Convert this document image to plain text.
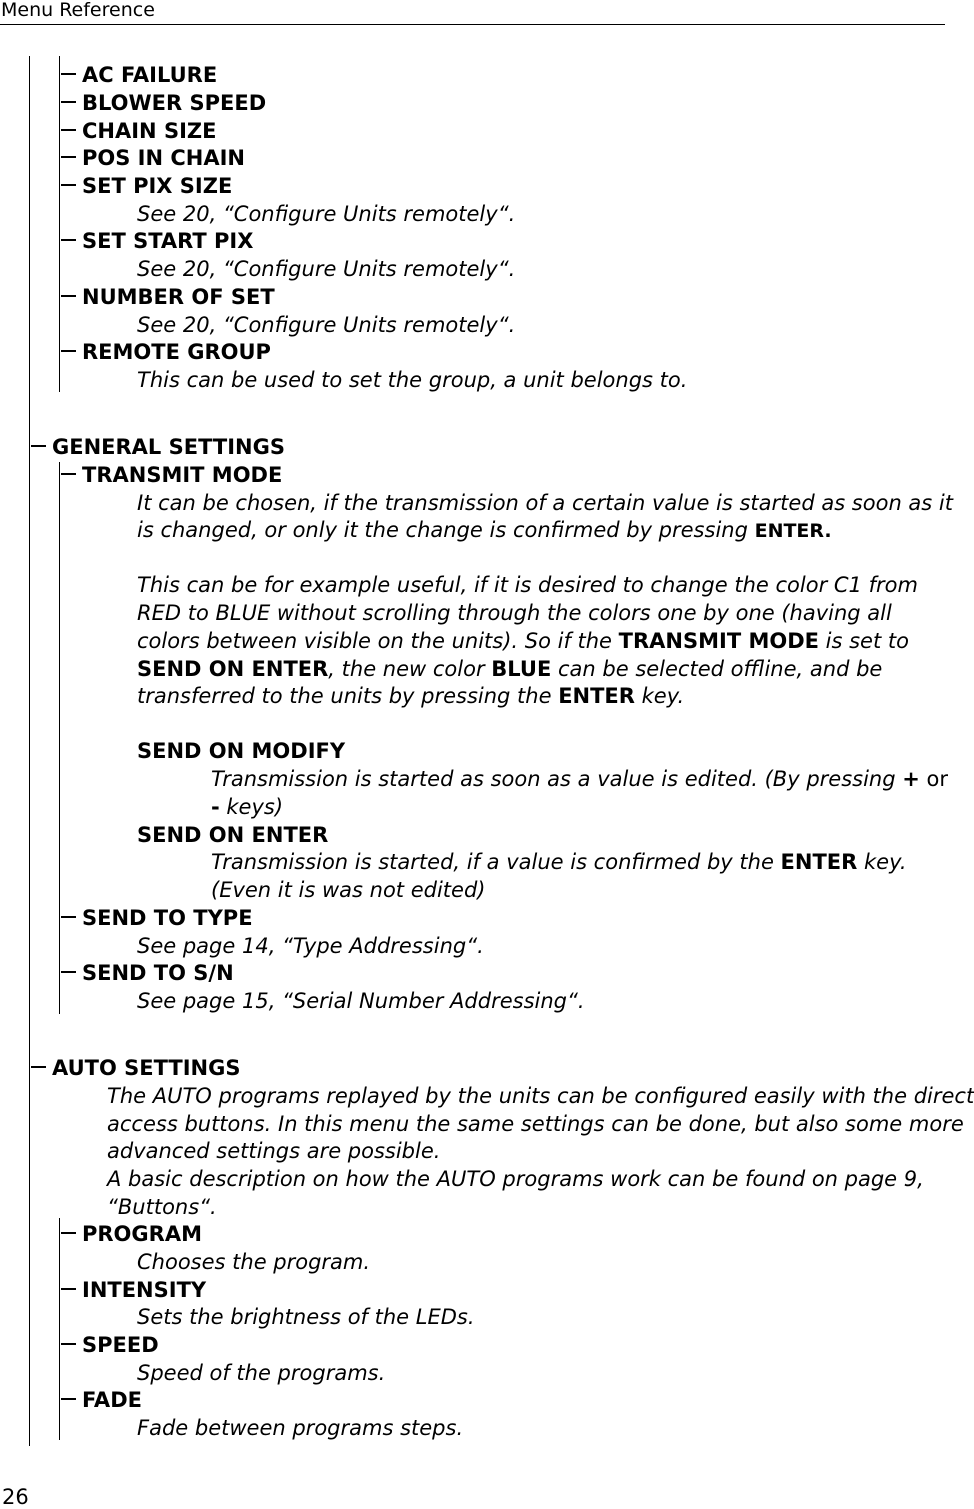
Menu Reference
AC FAILURE
BLOWER SPEED
CHAIN SIZE
POS IN CHAIN
SET PIX SIZE
See 20, “Configure Units remotely“.
SET START PIX
See 20, “Configure Units remotely“.
NUMBER OF SET
See 20, “Configure Units remotely“.
REMOTE GROUP
This can be used to set the group, a unit belongs to.
GENERAL SETTINGS
TRANSMIT MODE
It can be chosen, if the transmission of a certain value is started as soon as it
is changed, or only it the change is confirmed by pressing ENTER.
This can be for example useful, if it is desired to change the color C1 from
RED to BLUE without scrolling through the colors one by one (having all
colors between visible on the units). So if the TRANSMIT MODE is set to
SEND ON ENTER, the new color BLUE can be selected offline, and be
transferred to the units by pressing the ENTER key.
SEND ON MODIFY
Transmission is started as soon as a value is edited. (By pressing + or
- keys)
SEND ON ENTER
Transmission is started, if a value is confirmed by the ENTER key.
(Even it is was not edited)
SEND TO TYPE
See page 14, “Type Addressing“.
SEND TO S/N
See page 15, “Serial Number Addressing“.
AUTO SETTINGS
The AUTO programs replayed by the units can be configured easily with the direct
access buttons. In this menu the same settings can be done, but also some more
advanced settings are possible.
A basic description on how the AUTO programs work can be found on page 9,
“Buttons“.
PROGRAM
Chooses the program.
INTENSITY
Sets the brightness of the LEDs.
SPEED
Speed of the programs.
FADE
Fade between programs steps.
26
